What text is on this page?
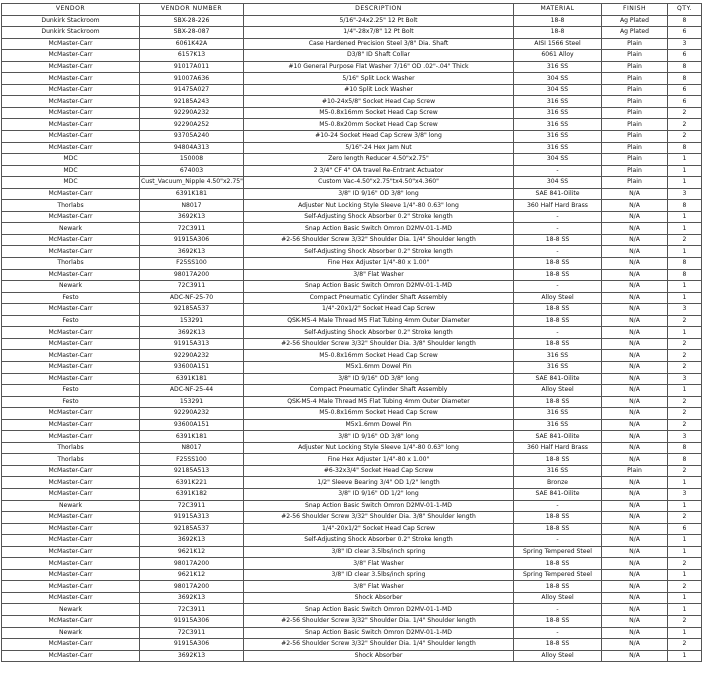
VENDOR	VENDOR NUMBER	DESCRIPTION	MATERIAL	FINISH	QTY.
Dunkirk Stackroom	SBX-28-226	5/16"-24x2.25" 12 Pt Bolt	18-8	Ag Plated	8
Dunkirk Stackroom	SBX-28-087	1/4"-28x7/8" 12 Pt Bolt	18-8	Ag Plated	6
McMaster-Carr	6061K42A	Case Hardened Precision Steel 3/8" Dia. Shaft	AISI 1566 Steel	Plain	3
McMaster-Carr	6157K13	D3/8" ID Shaft Collar	6061 Alloy	Plain	6
McMaster-Carr	91017A011	#10 General Purpose Flat Washer 7/16" OD .02"-.04" Thick	316 SS	Plain	8
McMaster-Carr	91007A636	5/16" Split Lock Washer	304 SS	Plain	8
McMaster-Carr	91475A027	#10 Split Lock Washer	304 SS	Plain	6
McMaster-Carr	92185A243	#10-24x5/8" Socket Head Cap Screw	316 SS	Plain	6
McMaster-Carr	92290A232	M5-0.8x16mm Socket Head Cap Screw	316 SS	Plain	2
McMaster-Carr	92290A252	M5-0.8x20mm Socket Head Cap Screw	316 SS	Plain	2
McMaster-Carr	93705A240	#10-24 Socket Head Cap Screw 3/8" long	316 SS	Plain	2
McMaster-Carr	94804A313	5/16"-24 Hex Jam Nut	316 SS	Plain	8
MDC	150008	Zero length Reducer 4.50"x2.75"	304 SS	Plain	1
MDC	674003	2 3/4" CF 4" OA travel Re-Entrant Actuator	-	Plain	1
MDC	Cust_Vacuum_Nipple 4.50"x2.75"	Custom Vac-4.50"x2.75"tx4.50"x4.360"	304 SS	Plain	1
McMaster-Carr	6391K181	3/8" ID 9/16" OD 3/8" long	SAE 841-Oilite	N/A	3
Thorlabs	N8017	Adjuster Nut Locking Style Sleeve 1/4"-80 0.63" long	360 Half Hard Brass	N/A	8
McMaster-Carr	3692K13	Self-Adjusting Shock Absorber 0.2" Stroke length	-	N/A	1
Newark	72C3911	Snap Action Basic Switch Omron D2MV-01-1-MD	-	N/A	1
McMaster-Carr	91915A306	#2-56 Shoulder Screw 3/32" Shoulder Dia. 1/4" Shoulder length	18-8 SS	N/A	2
McMaster-Carr	3692K13	Self-Adjusting Shock Absorber 0.2" Stroke length	-	N/A	1
Thorlabs	F25SS100	Fine Hex Adjuster 1/4"-80 x 1.00"	18-8 SS	N/A	8
McMaster-Carr	98017A200	3/8" Flat Washer	18-8 SS	N/A	8
Newark	72C3911	Snap Action Basic Switch Omron D2MV-01-1-MD	-	N/A	1
Festo	ADC-NF-25-70	Compact Pneumatic Cylinder Shaft Assembly	Alloy Steel	N/A	1
McMaster-Carr	92185A537	1/4"-20x1/2" Socket Head Cap Screw	18-8 SS	N/A	3
Festo	153291	QSK-M5-4 Male Thread M5 Flat Tubing 4mm Outer Diameter	18-8 SS	N/A	2
McMaster-Carr	3692K13	Self-Adjusting Shock Absorber 0.2" Stroke length	-	N/A	1
McMaster-Carr	91915A313	#2-56 Shoulder Screw 3/32" Shoulder Dia. 3/8" Shoulder length	18-8 SS	N/A	2
McMaster-Carr	92290A232	M5-0.8x16mm Socket Head Cap Screw	316 SS	N/A	2
McMaster-Carr	93600A151	M5x1.6mm Dowel Pin	316 SS	N/A	2
McMaster-Carr	6391K181	3/8" ID 9/16" OD 3/8" long	SAE 841-Oilite	N/A	3
Festo	ADC-NF-25-44	Compact Pneumatic Cylinder Shaft Assembly	Alloy Steel	N/A	1
Festo	153291	QSK-M5-4 Male Thread M5 Flat Tubing 4mm Outer Diameter	18-8 SS	N/A	2
McMaster-Carr	92290A232	M5-0.8x16mm Socket Head Cap Screw	316 SS	N/A	2
McMaster-Carr	93600A151	M5x1.6mm Dowel Pin	316 SS	N/A	2
McMaster-Carr	6391K181	3/8" ID 9/16" OD 3/8" long	SAE 841-Oilite	N/A	3
Thorlabs	N8017	Adjuster Nut Locking Style Sleeve 1/4"-80 0.63" long	360 Half Hard Brass	N/A	8
Thorlabs	F25SS100	Fine Hex Adjuster 1/4"-80 x 1.00"	18-8 SS	N/A	8
McMaster-Carr	92185A513	#6-32x3/4" Socket Head Cap Screw	316 SS	Plain	2
McMaster-Carr	6391K221	1/2" Sleeve Bearing 3/4" OD 1/2" length	Bronze	N/A	1
McMaster-Carr	6391K182	3/8" ID 9/16" OD 1/2" long	SAE 841-Oilite	N/A	3
Newark	72C3911	Snap Action Basic Switch Omron D2MV-01-1-MD	-	N/A	1
McMaster-Carr	91915A313	#2-56 Shoulder Screw 3/32" Shoulder Dia. 3/8" Shoulder length	18-8 SS	N/A	2
McMaster-Carr	92185A537	1/4"-20x1/2" Socket Head Cap Screw	18-8 SS	N/A	6
McMaster-Carr	3692K13	Self-Adjusting Shock Absorber 0.2" Stroke length	-	N/A	1
McMaster-Carr	9621K12	3/8" ID clear 3.5lbs/inch spring	Spring Tempered Steel	N/A	1
McMaster-Carr	98017A200	3/8" Flat Washer	18-8 SS	N/A	2
McMaster-Carr	9621K12	3/8" ID clear 3.5lbs/inch spring	Spring Tempered Steel	N/A	1
McMaster-Carr	98017A200	3/8" Flat Washer	18-8 SS	N/A	2
McMaster-Carr	3692K13	Shock Absorber	Alloy Steel	N/A	1
Newark	72C3911	Snap Action Basic Switch Omron D2MV-01-1-MD	-	N/A	1
McMaster-Carr	91915A306	#2-56 Shoulder Screw 3/32" Shoulder Dia. 1/4" Shoulder length	18-8 SS	N/A	2
Newark	72C3911	Snap Action Basic Switch Omron D2MV-01-1-MD	-	N/A	1
McMaster-Carr	91915A306	#2-56 Shoulder Screw 3/32" Shoulder Dia. 1/4" Shoulder length	18-8 SS	N/A	2
McMaster-Carr	3692K13	Shock Absorber	Alloy Steel	N/A	1
